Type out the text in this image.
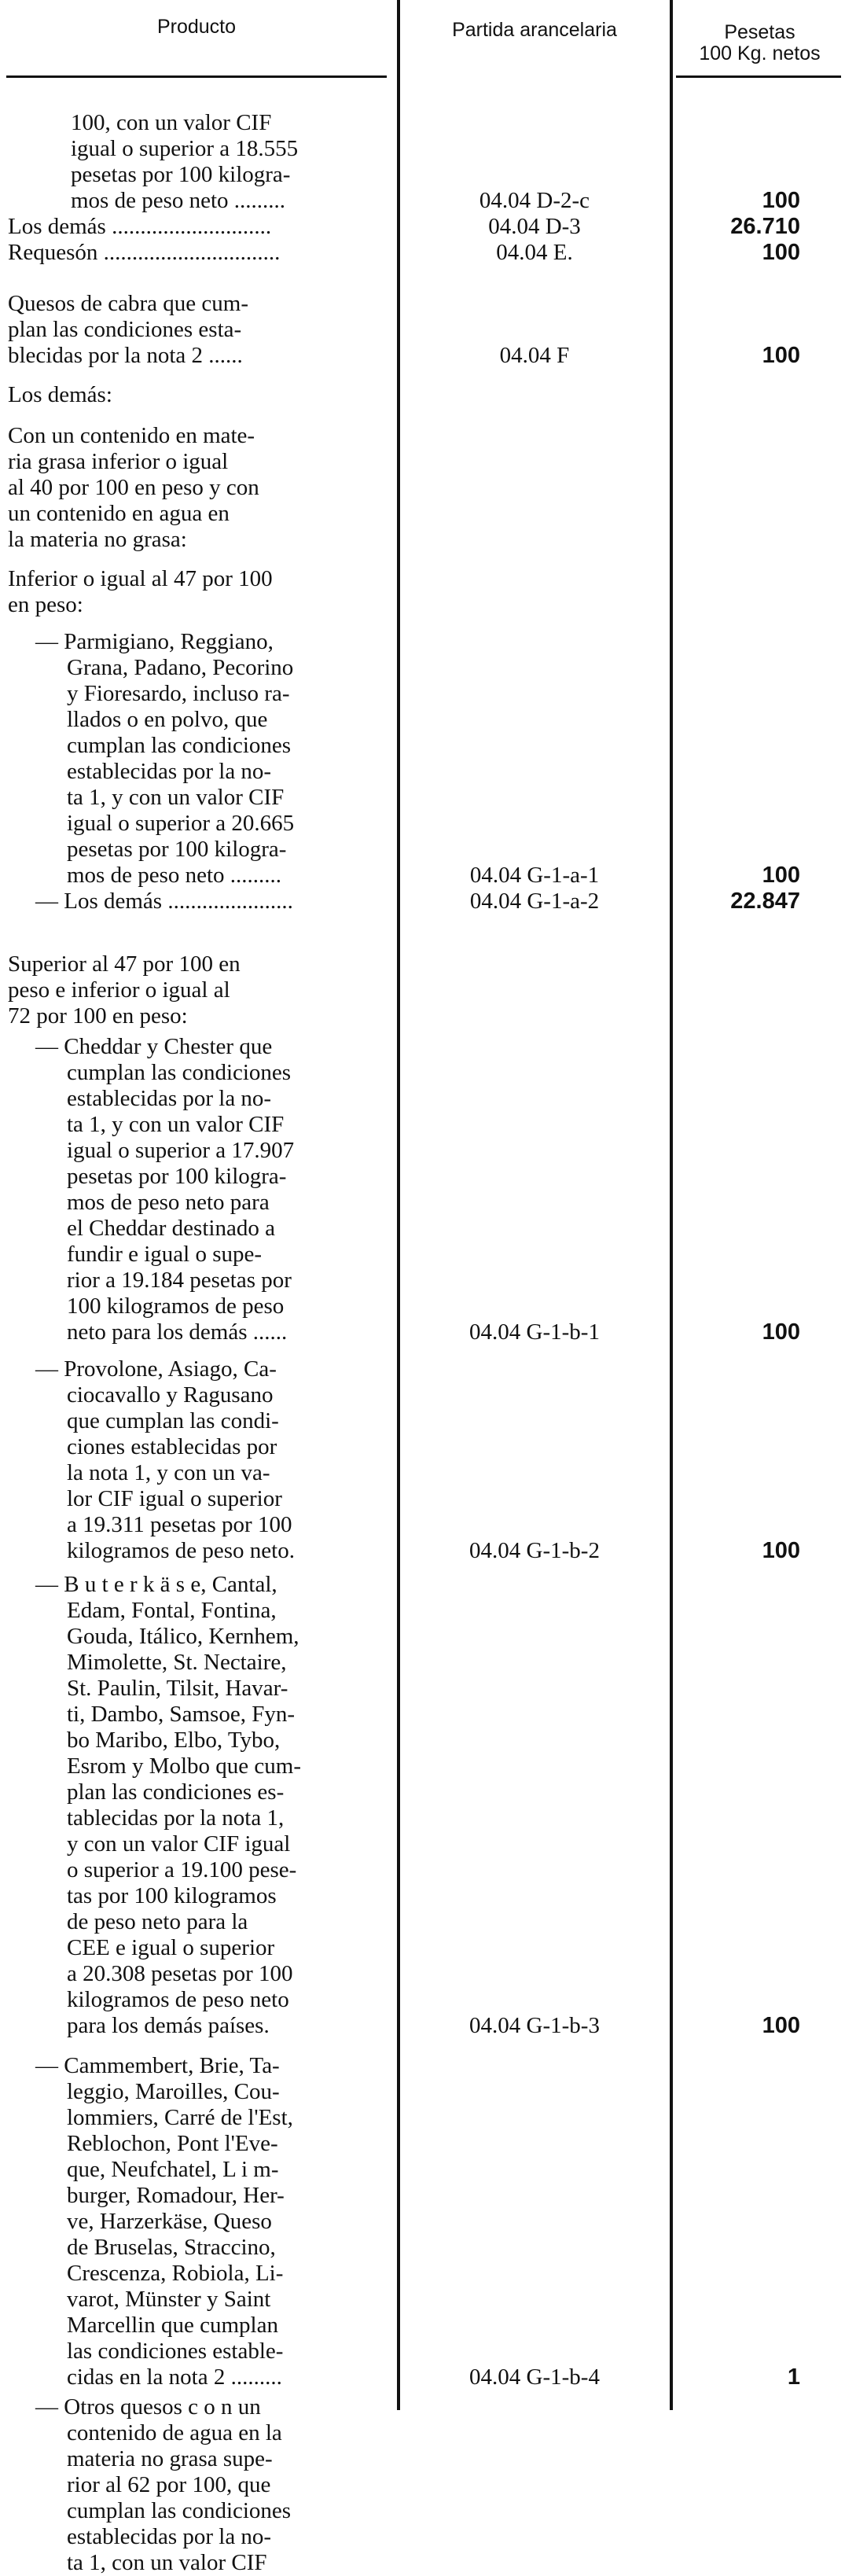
Producto	Partida arancelaria	Pesetas
100 Kg. netos
100, con un valor CIF
igual o superior a 18.555
pesetas por 100 kilogra-
mos de peso neto .........	04.04 D-2-c	100
Los demás ............................	04.04 D-3	26.710
Requesón ...............................	04.04 E.	100
Quesos de cabra que cum-
plan las condiciones esta-
blecidas por la nota 2 ......	04.04 F	100
Los demás:
Con un contenido en mate-
ria grasa inferior o igual
al 40 por 100 en peso y con
un contenido en agua en
la materia no grasa:
Inferior o igual al 47 por 100
en peso:
— Parmigiano, Reggiano,
Grana, Padano, Pecorino
y Fioresardo, incluso ra-
llados o en polvo, que
cumplan las condiciones
establecidas por la no-
ta 1, y con un valor CIF
igual o superior a 20.665
pesetas por 100 kilogra-
mos de peso neto .........	04.04 G-1-a-1	100
— Los demás ......................	04.04 G-1-a-2	22.847
Superior al 47 por 100 en
peso e inferior o igual al
72 por 100 en peso:
— Cheddar y Chester que
cumplan las condiciones
establecidas por la no-
ta 1, y con un valor CIF
igual o superior a 17.907
pesetas por 100 kilogra-
mos de peso neto para
el Cheddar destinado a
fundir e igual o supe-
rior a 19.184 pesetas por
100 kilogramos de peso
neto para los demás ......	04.04 G-1-b-1	100
— Provolone, Asiago, Ca-
ciocavallo y Ragusano
que cumplan las condi-
ciones establecidas por
la nota 1, y con un va-
lor CIF igual o superior
a 19.311 pesetas por 100
kilogramos de peso neto.	04.04 G-1-b-2	100
— B u t e r k ä s e, Cantal,
Edam, Fontal, Fontina,
Gouda, Itálico, Kernhem,
Mimolette, St. Nectaire,
St. Paulin, Tilsit, Havar-
ti, Dambo, Samsoe, Fyn-
bo Maribo, Elbo, Tybo,
Esrom y Molbo que cum-
plan las condiciones es-
tablecidas por la nota 1,
y con un valor CIF igual
o superior a 19.100 pese-
tas por 100 kilogramos
de peso neto para la
CEE e igual o superior
a 20.308 pesetas por 100
kilogramos de peso neto
para los demás países.	04.04 G-1-b-3	100
— Cammembert, Brie, Ta-
leggio, Maroilles, Cou-
lommiers, Carré de l'Est,
Reblochon, Pont l'Eve-
que, Neufchatel, L i m-
burger, Romadour, Her-
ve, Harzerkäse, Queso
de Bruselas, Straccino,
Crescenza, Robiola, Li-
varot, Münster y Saint
Marcellin que cumplan
las condiciones estable-
cidas en la nota 2 .........	04.04 G-1-b-4	1
— Otros quesos c o n un
contenido de agua en la
materia no grasa supe-
rior al 62 por 100, que
cumplan las condiciones
establecidas por la no-
ta 1, con un valor CIF
